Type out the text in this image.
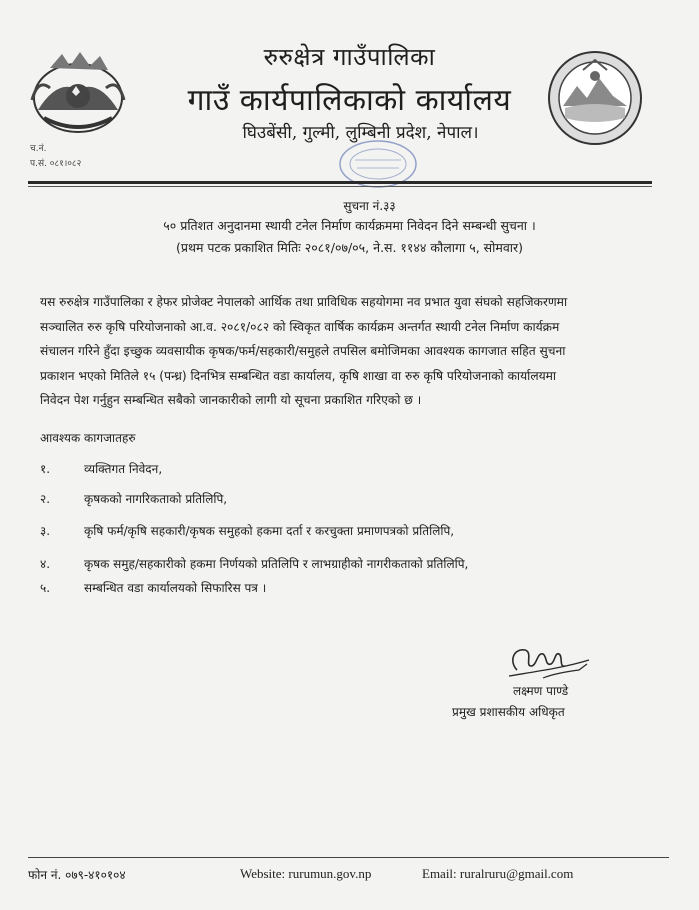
रुरुक्षेत्र गाउँपालिका
गाउँ कार्यपालिकाको कार्यालय
घिउबेंसी, गुल्मी, लुम्बिनी प्रदेश, नेपाल।
च.नं.
प.सं. ०८१।०८२
सुचना नं.३३
५० प्रतिशत अनुदानमा स्थायी टनेल निर्माण कार्यक्रममा निवेदन दिने सम्बन्धी सुचना ।
(प्रथम पटक प्रकाशित मितिः २०८१/०७/०५, ने.स. ११४४ कौलागा ५, सोमवार)
यस रुरुक्षेत्र गाउँपालिका र हेफर प्रोजेक्ट नेपालको आर्थिक तथा प्राविधिक सहयोगमा नव प्रभात युवा संघको सहजिकरणमा
सञ्चालित रुरु कृषि परियोजनाको आ.व. २०८१/०८२ को स्विकृत वार्षिक कार्यक्रम अन्तर्गत स्थायी टनेल निर्माण कार्यक्रम
संचालन गरिने हुँदा इच्छुक व्यवसायीक कृषक/फर्म/सहकारी/समुहले तपसिल बमोजिमका आवश्यक कागजात सहित सुचना
प्रकाशन भएको मितिले १५ (पन्ध्र) दिनभित्र सम्बन्धित वडा कार्यालय, कृषि शाखा वा रुरु कृषि परियोजनाको कार्यालयमा
निवेदन पेश गर्नुहुन सम्बन्धित सबैको जानकारीको लागी यो सूचना प्रकाशित गरिएको छ ।
आवश्यक कागजातहरु
१.	व्यक्तिगत निवेदन,
२.	कृषकको नागरिकताको प्रतिलिपि,
३.	कृषि फर्म/कृषि सहकारी/कृषक समुहको हकमा दर्ता र करचुक्ता प्रमाणपत्रको प्रतिलिपि,
४.	कृषक समुह/सहकारीको हकमा निर्णयको प्रतिलिपि र लाभग्राहीको नागरीकताको प्रतिलिपि,
५.	सम्बन्धित वडा कार्यालयको सिफारिस पत्र ।
लक्ष्मण पाण्डे
प्रमुख प्रशासकीय अधिकृत
फोन नं. ०७९-४१०१०४	Website: rurumun.gov.np	Email: ruralruru@gmail.com
